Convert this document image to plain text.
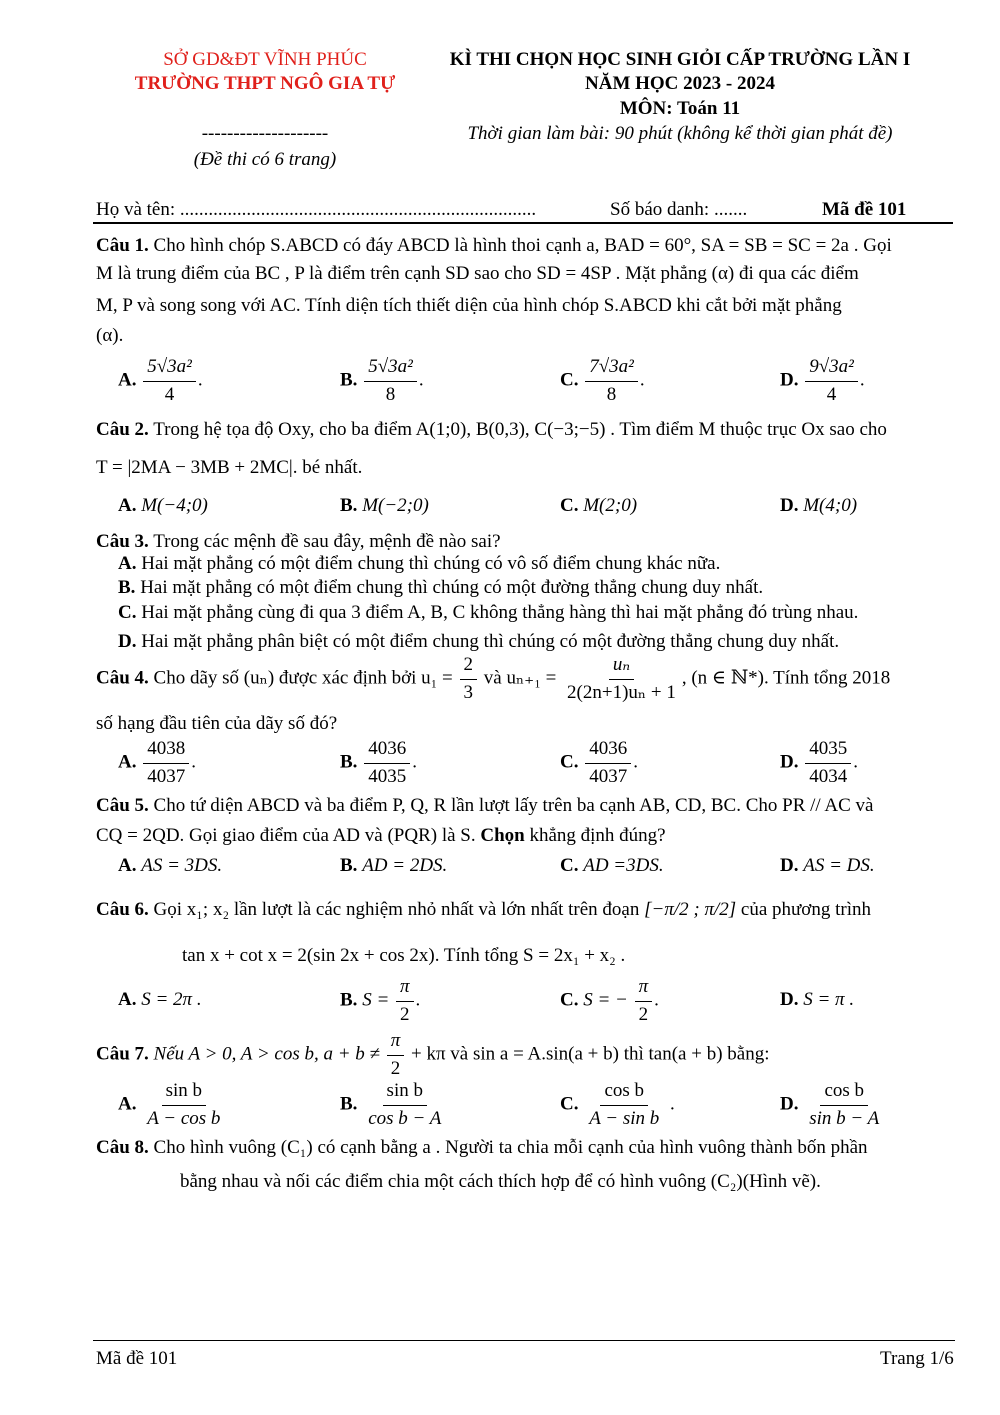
SỞ GD&ĐT VĨNH PHÚC
TRƯỜNG THPT NGÔ GIA TỰ
--------------------
(Đề thi có 6 trang)
KÌ THI CHỌN HỌC SINH GIỎI CẤP TRƯỜNG LẦN I
NĂM HỌC 2023 - 2024
MÔN: Toán 11
Thời gian làm bài: 90 phút (không kể thời gian phát đề)
Họ và tên: ...........................................................................	Số báo danh: .......	Mã đề 101
Câu 1. Cho hình chóp S.ABCD có đáy ABCD là hình thoi cạnh a, BAD = 60°, SA = SB = SC = 2a . Gọi
M là trung điểm của BC , P là điểm trên cạnh SD sao cho SD = 4SP . Mặt phẳng (α) đi qua các điểm
M, P và song song với AC. Tính diện tích thiết diện của hình chóp S.ABCD khi cắt bởi mặt phẳng
(α).
A. $\frac{\text{5√3a²}}{4}$ .	B. $\frac{\text{5√3a²}}{8}$ .	C. $\frac{\text{7√3a²}}{8}$ .	D. $\frac{\text{9√3a²}}{4}$ .
Câu 2. Trong hệ tọa độ Oxy, cho ba điểm A(1;0), B(0,3), C(−3;−5) . Tìm điểm M thuộc trục Ox sao cho
T = |2MA − 3MB + 2MC|. bé nhất.
A. M(−4;0)	B. M(−2;0)	C. M(2;0)	D. M(4;0)
Câu 3. Trong các mệnh đề sau đây, mệnh đề nào sai?
A. Hai mặt phẳng có một điểm chung thì chúng có vô số điểm chung khác nữa.
B. Hai mặt phẳng có một điểm chung thì chúng có một đường thẳng chung duy nhất.
C. Hai mặt phẳng cùng đi qua 3 điểm A, B, C không thẳng hàng thì hai mặt phẳng đó trùng nhau.
D. Hai mặt phẳng phân biệt có một điểm chung thì chúng có một đường thẳng chung duy nhất.
Câu 4. Cho dãy số (uₙ) được xác định bởi $u_1 = \frac{2}{3}$ và $u_{n+1} = \frac{\text{uₙ}}{\text{2(2n+1)uₙ + 1}}$ , (n ∈ ℕ*). Tính tổng 2018
số hạng đầu tiên của dãy số đó?
A. $\frac{4038}{4037}$ .	B. $\frac{4036}{4035}$ .	C. $\frac{4036}{4037}$ .	D. $\frac{4035}{4034}$ .
Câu 5. Cho tứ diện ABCD và ba điểm P, Q, R lần lượt lấy trên ba cạnh AB, CD, BC. Cho PR // AC và
CQ = 2QD. Gọi giao điểm của AD và (PQR) là S. Chọn khẳng định đúng?
A. AS = 3DS.	B. AD = 2DS.	C. AD =3DS.	D. AS = DS.
Câu 6. Gọi x₁; x₂ lần lượt là các nghiệm nhỏ nhất và lớn nhất trên đoạn [−π/2 ; π/2] của phương trình
tan x + cot x = 2(sin 2x + cos 2x). Tính tổng S = 2x₁ + x₂ .
A. S = 2π .	B. $S = \frac{\pi}{2}$ .	C. S = − $\frac{\pi}{2}$ .	D. S = π .
Câu 7. Nếu A > 0, A > cos b, $a + b \ne \frac{\pi}{2} + k\pi$ và sin a = A.sin(a + b) thì tan(a + b) bằng:
A. $\frac{\text{sin b}}{\text{A − cos b}}$	B. $\frac{\text{sin b}}{\text{cos b − A}}$	C. $\frac{\text{cos b}}{\text{A − sin b}}$ .	D. $\frac{\text{cos b}}{\text{sin b − A}}$
Câu 8. Cho hình vuông (C₁) có cạnh bằng a . Người ta chia mỗi cạnh của hình vuông thành bốn phần
bằng nhau và nối các điểm chia một cách thích hợp để có hình vuông (C₂)(Hình vẽ).
Mã đề 101	Trang 1/6
